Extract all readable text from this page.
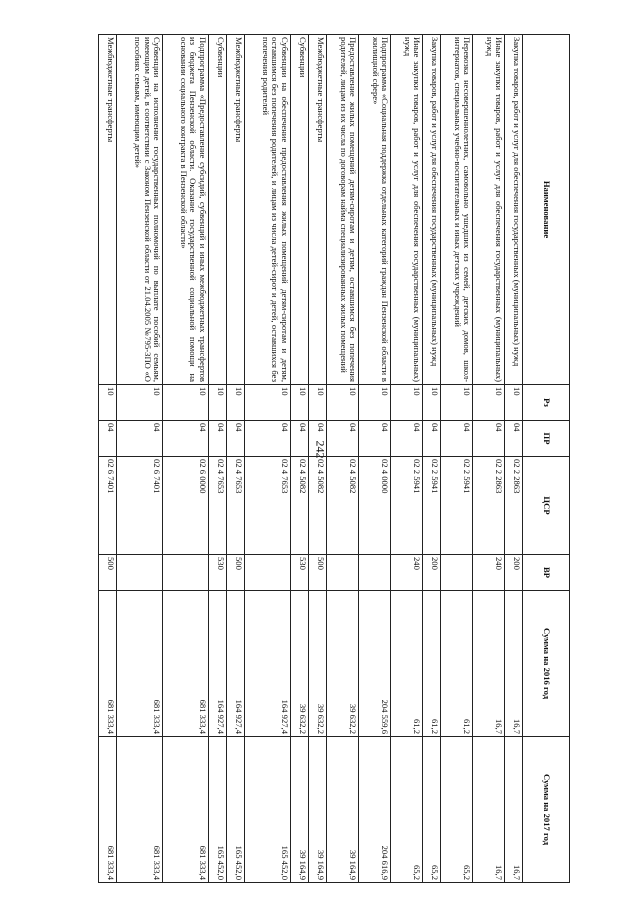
242
Наименование	Рз	ПР	ЦСР	ВР	Сумма на 2016 год	Сумма на 2017 год
Закупка товаров, работ и услуг для обеспечения государственных (муниципальных) нужд	10	04	02 2 2863	200	16,7	16,7
Иные закупки товаров, работ и услуг для обеспечения государственных (муниципальных) нужд	10	04	02 2 2863	240	16,7	16,7
Перевозка несовершеннолетних, самовольно ушедших из семей, детских домов, школ-интернатов, специальных учебно-воспитательных и иных детских учреждений	10	04	02 2 5941		61,2	65,2
Закупка товаров, работ и услуг для обеспечения государственных (муниципальных) нужд	10	04	02 2 5941	200	61,2	65,2
Иные закупки товаров, работ и услуг для обеспечения государственных (муниципальных) нужд	10	04	02 2 5941	240	61,2	65,2
Подпрограмма «Социальная поддержка отдельных категорий граждан Пензенской области в жилищной сфере»	10	04	02 4 0000		204 559,6	204 616,9
Предоставление жилых помещений детям-сиротам и детям, оставшимся без попечения родителей, лицам из их числа по договорам найма специализированных жилых помещений	10	04	02 4 5082		39 632,2	39 164,9
Межбюджетные трансферты	10	04	02 4 5082	500	39 632,2	39 164,9
Субвенции	10	04	02 4 5082	530	39 632,2	39 164,9
Субвенции на обеспечение предоставления жилых помещений детям-сиротам и детям, оставшимся без попечения родителей, и лицам из числа детей-сирот и детей, оставшихся без попечения родителей	10	04	02 4 7653		164 927,4	165 452,0
Межбюджетные трансферты	10	04	02 4 7653	500	164 927,4	165 452,0
Субвенции	10	04	02 4 7653	530	164 927,4	165 452,0
Подпрограмма «Предоставление субсидий, субвенций и иных межбюджетных трансфертов из бюджета Пензенской области. Оказание государственной социальной помощи на основании социального контракта в Пензенской области»	10	04	02 6 0000		681 333,4	681 333,4
Субвенции на исполнение государственных полномочий по выплате пособий семьям, имеющим детей, в соответствии с Законом Пензенской области от 21.04.2005 №795-ЗПО «О пособиях семьям, имеющим детей»	10	04	02 6 7401		681 333,4	681 333,4
Межбюджетные трансферты	10	04	02 6 7401	500	681 333,4	681 333,4
